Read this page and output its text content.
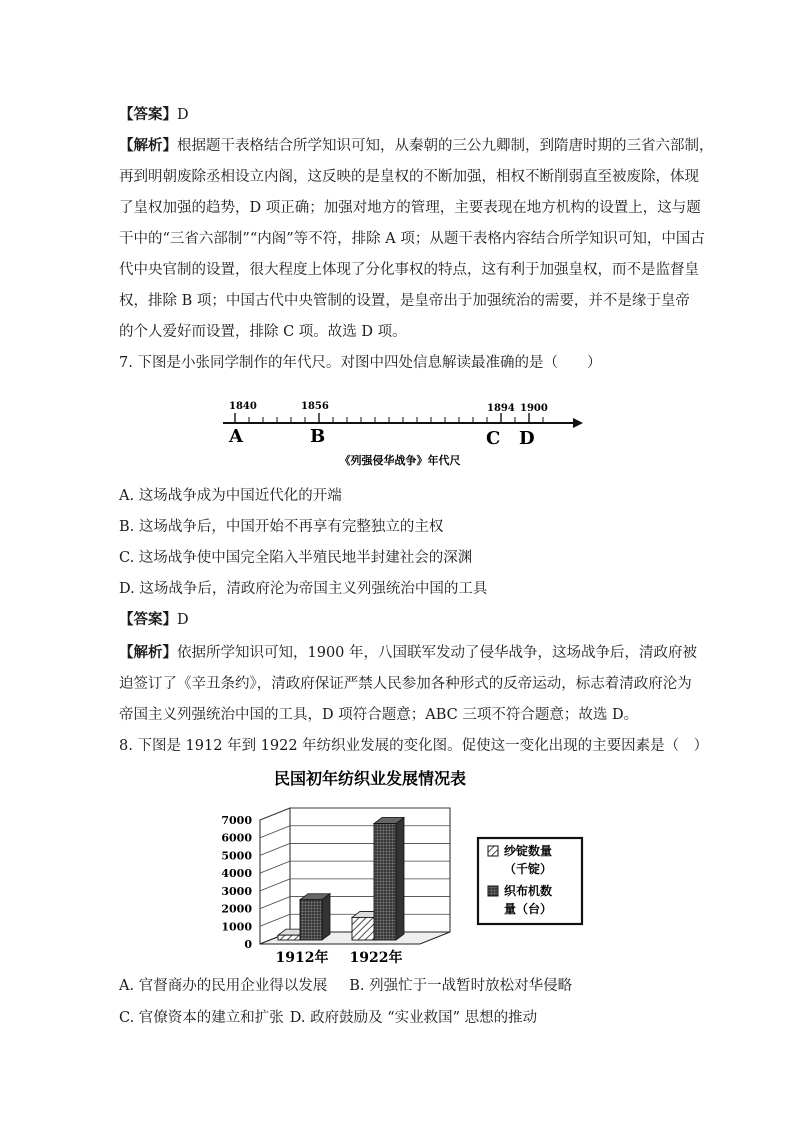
【答案】D
【解析】根据题干表格结合所学知识可知，从秦朝的三公九卿制，到隋唐时期的三省六部制，
再到明朝废除丞相设立内阁，这反映的是皇权的不断加强，相权不断削弱直至被废除，体现
了皇权加强的趋势，D 项正确；加强对地方的管理，主要表现在地方机构的设置上，这与题
干中的“三省六部制”“内阁”等不符，排除 A 项；从题干表格内容结合所学知识可知，中国古
代中央官制的设置，很大程度上体现了分化事权的特点，这有利于加强皇权，而不是监督皇
权，排除 B 项；中国古代中央管制的设置，是皇帝出于加强统治的需要，并不是缘于皇帝
的个人爱好而设置，排除 C 项。故选 D 项。
7. 下图是小张同学制作的年代尺。对图中四处信息解读最准确的是（　　）
1840	1856	1894 1900
A	B	C D
《列强侵华战争》年代尺
A. 这场战争成为中国近代化的开端
B. 这场战争后，中国开始不再享有完整独立的主权
C. 这场战争使中国完全陷入半殖民地半封建社会的深渊
D. 这场战争后，清政府沦为帝国主义列强统治中国的工具
【答案】D
【解析】依据所学知识可知，1900 年，八国联军发动了侵华战争，这场战争后，清政府被
迫签订了《辛丑条约》，清政府保证严禁人民参加各种形式的反帝运动，标志着清政府沦为
帝国主义列强统治中国的工具，D 项符合题意；ABC 三项不符合题意；故选 D。
8. 下图是 1912 年到 1922 年纺织业发展的变化图。促使这一变化出现的主要因素是（　）
民国初年纺织业发展情况表
7000
6000
5000
4000
3000
2000
1000
0
1912年 1922年
纱锭数量
（千锭）
织布机数
量（台）
A. 官督商办的民用企业得以发展 B. 列强忙于一战暂时放松对华侵略
C. 官僚资本的建立和扩张 D. 政府鼓励及 “实业救国” 思想的推动
